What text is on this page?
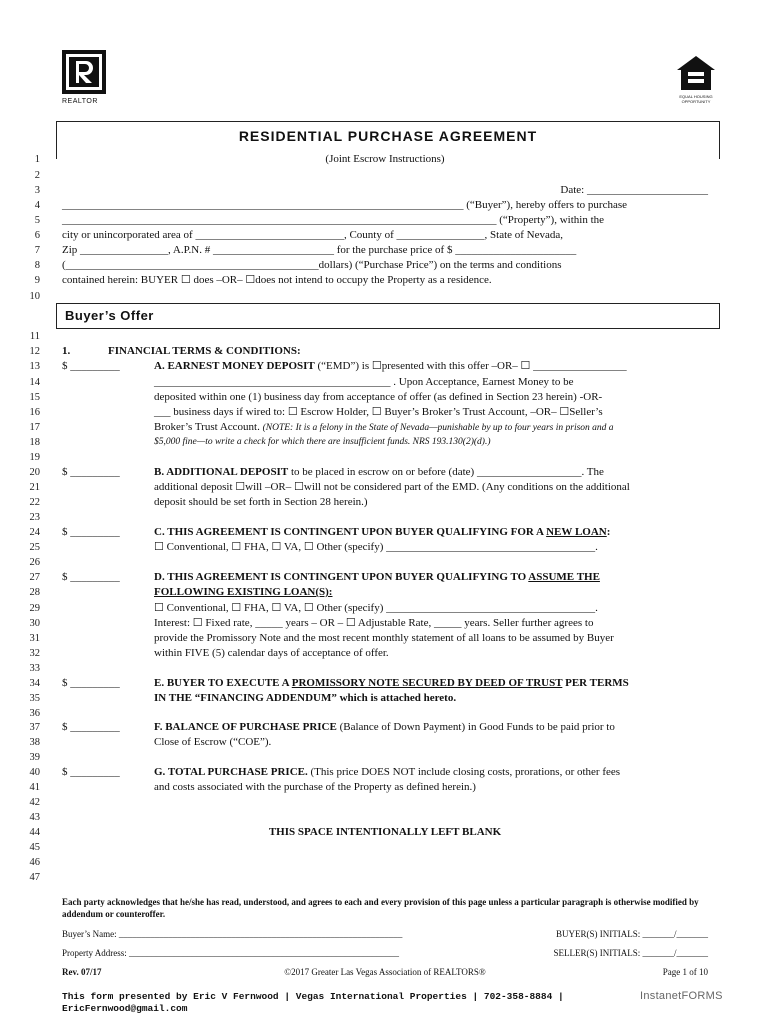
REALTOR
EQUAL HOUSING OPPORTUNITY
RESIDENTIAL PURCHASE AGREEMENT
1
2
3
4
5
6
7
8
9
10
11
12
13
14
15
16
17
18
19
20
21
22
23
24
25
26
27
28
29
30
31
32
33
34
35
36
37
38
39
40
41
42
43
44
45
46
47
(Joint Escrow Instructions)
Date: ______________________
_________________________________________________________________________ (“Buyer”), hereby offers to purchase
_______________________________________________________________________________ (“Property”), within the
city or unincorporated area of ___________________________, County of ________________, State of Nevada,
Zip ________________, A.P.N. # ______________________ for the purchase price of $ ______________________
(______________________________________________dollars) (“Purchase Price”) on the terms and conditions
contained herein: BUYER ☐ does –OR– ☐does not intend to occupy the Property as a residence.
Buyer’s Offer
1.	FINANCIAL TERMS & CONDITIONS:
$ _________	A. EARNEST MONEY DEPOSIT (“EMD”) is ☐presented with this offer –OR– ☐ _________________
___________________________________________ . Upon Acceptance, Earnest Money to be
deposited within one (1) business day from acceptance of offer (as defined in Section 23 herein) -OR-
___ business days if wired to: ☐ Escrow Holder, ☐ Buyer’s Broker’s Trust Account, –OR– ☐Seller’s
Broker’s Trust Account. (NOTE: It is a felony in the State of Nevada—punishable by up to four years in prison and a
$5,000 fine—to write a check for which there are insufficient funds. NRS 193.130(2)(d).)
$ _________	B. ADDITIONAL DEPOSIT to be placed in escrow on or before (date) ___________________. The
additional deposit ☐will –OR– ☐will not be considered part of the EMD. (Any conditions on the additional
deposit should be set forth in Section 28 herein.)
$ _________	C. THIS AGREEMENT IS CONTINGENT UPON BUYER QUALIFYING FOR A NEW LOAN:
☐ Conventional, ☐ FHA, ☐ VA, ☐ Other (specify) ______________________________________.
$ _________	D. THIS AGREEMENT IS CONTINGENT UPON BUYER QUALIFYING TO ASSUME THE
FOLLOWING EXISTING LOAN(S):
☐ Conventional, ☐ FHA, ☐ VA, ☐ Other (specify) ______________________________________.
Interest: ☐ Fixed rate, _____ years – OR – ☐ Adjustable Rate, _____ years. Seller further agrees to
provide the Promissory Note and the most recent monthly statement of all loans to be assumed by Buyer
within FIVE (5) calendar days of acceptance of offer.
$ _________	E. BUYER TO EXECUTE A PROMISSORY NOTE SECURED BY DEED OF TRUST PER TERMS
IN THE “FINANCING ADDENDUM” which is attached hereto.
$ _________	F. BALANCE OF PURCHASE PRICE (Balance of Down Payment) in Good Funds to be paid prior to
Close of Escrow (“COE”).
$ _________	G. TOTAL PURCHASE PRICE. (This price DOES NOT include closing costs, prorations, or other fees
and costs associated with the purchase of the Property as defined herein.)
THIS SPACE INTENTIONALLY LEFT BLANK
Each party acknowledges that he/she has read, understood, and agrees to each and every provision of this page unless a particular paragraph is otherwise modified by addendum or counteroffer.
Buyer’s Name: _______________________________________________________________	BUYER(S) INITIALS: _______/_______
Property Address: ____________________________________________________________	SELLER(S) INITIALS: _______/_______
Rev. 07/17	©2017 Greater Las Vegas Association of REALTORS®	Page 1 of 10
This form presented by Eric V Fernwood | Vegas International Properties | 702-358-8884 |
EricFernwood@gmail.com
InstanetFORMS
